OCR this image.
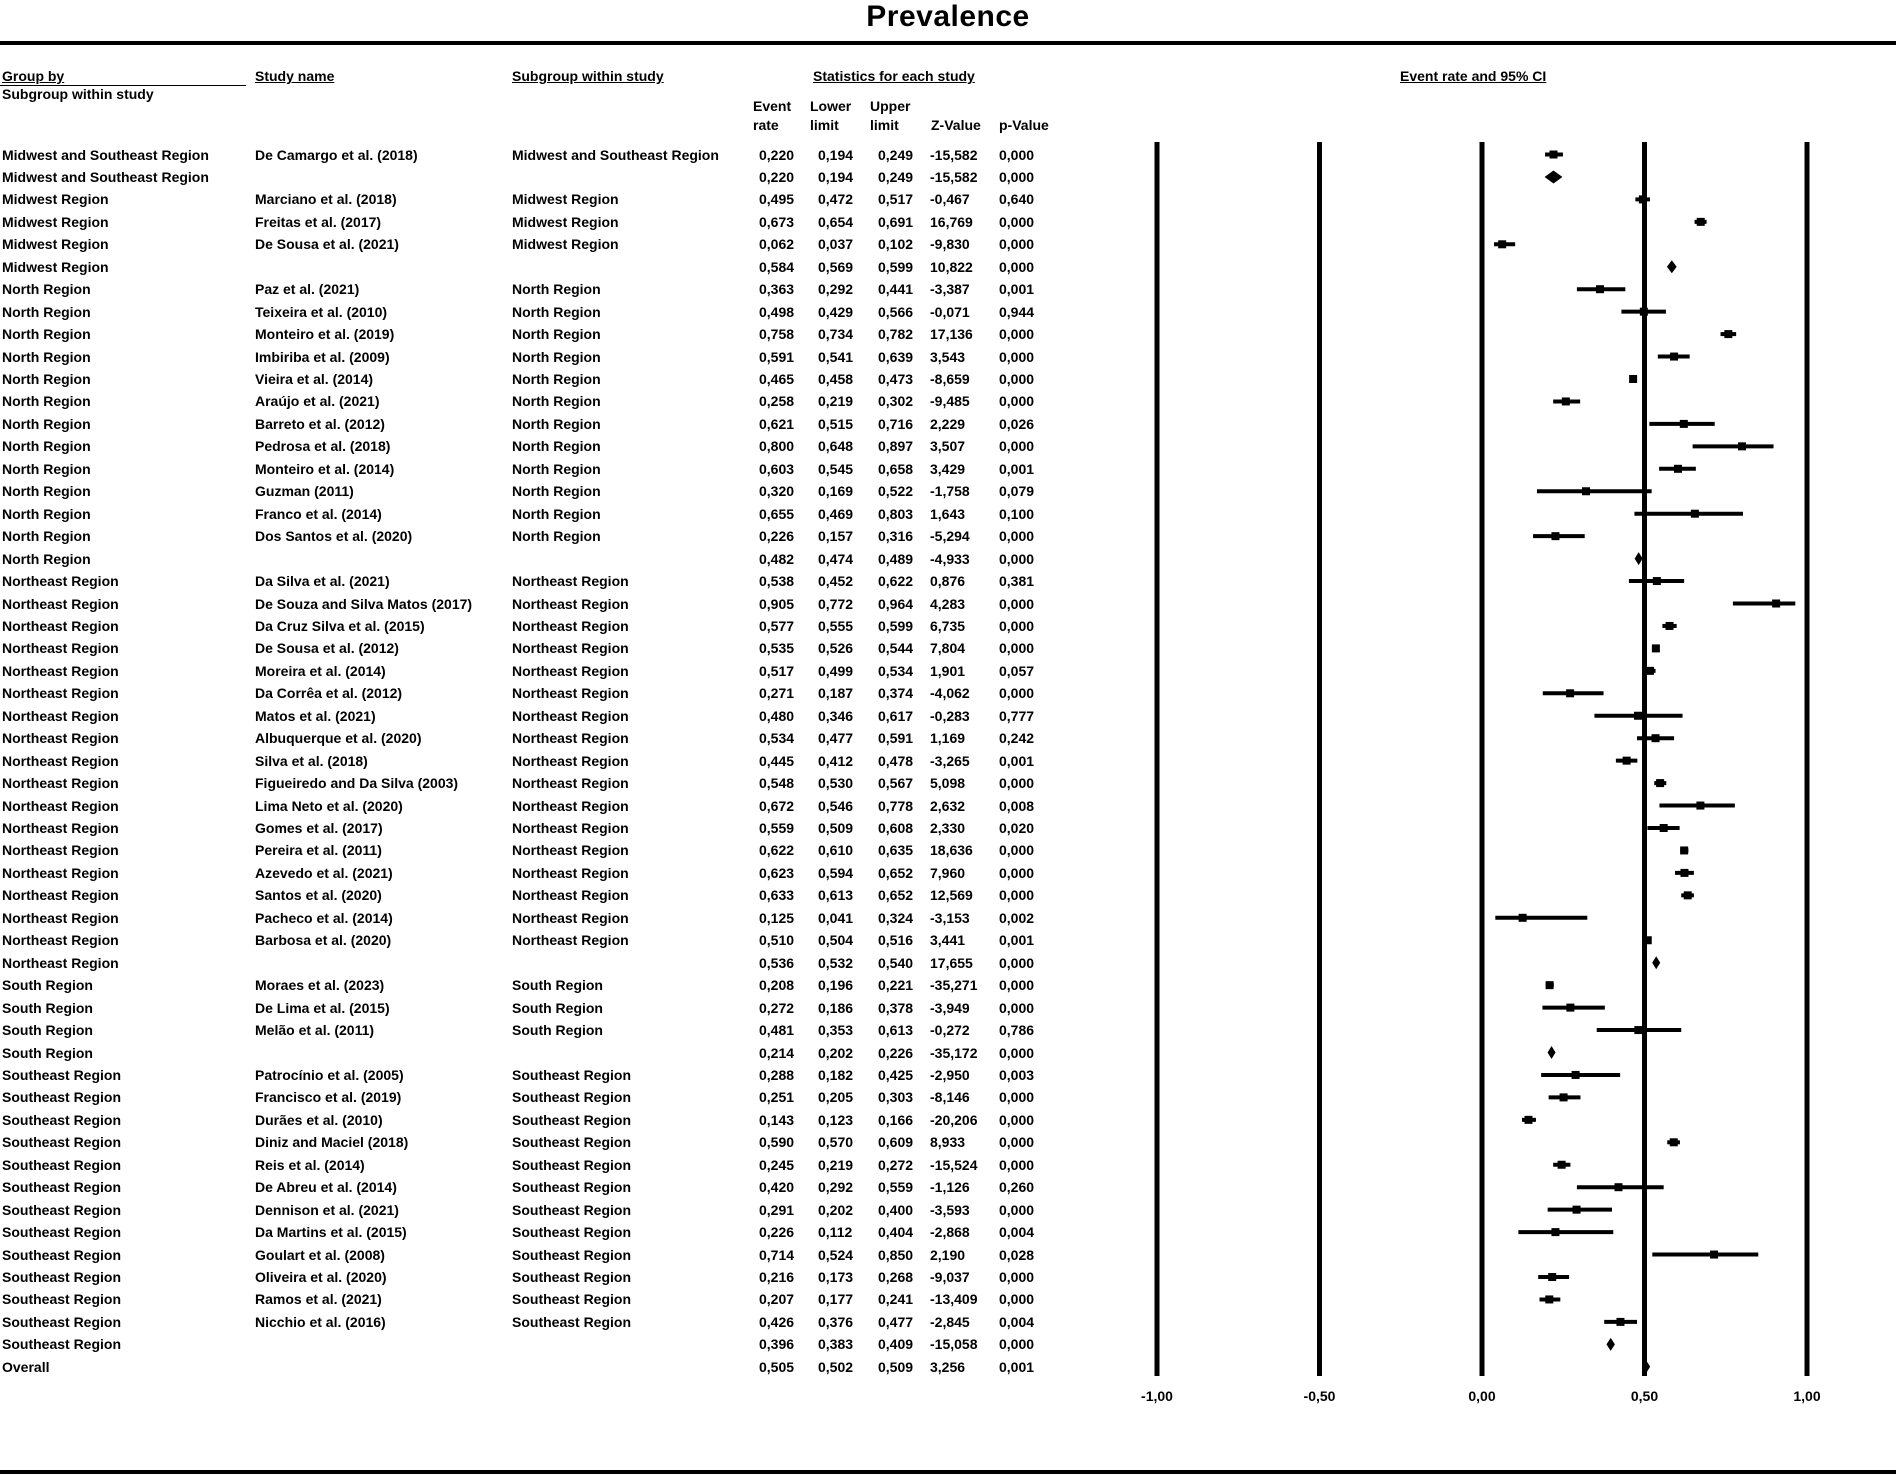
Prevalence
Group by
Subgroup within study
Study name	Subgroup within study	Statistics for each study	Event rate and 95% CI
Event rate
Lower limit
Upper limit	Z-Value p-Value
Midwest and Southeast Region	De Camargo et al. (2018)	Midwest and Southeast Region	0,220 0,194 0,249 -15,582 0,000
Midwest and Southeast Region	0,220 0,194 0,249 -15,582 0,000
Midwest Region	Marciano et al. (2018)	Midwest Region	0,495 0,472 0,517 -0,467 0,640
Midwest Region	Freitas et al. (2017)	Midwest Region	0,673 0,654 0,691 16,769 0,000
Midwest Region	De Sousa et al. (2021)	Midwest Region	0,062 0,037 0,102 -9,830 0,000
Midwest Region	0,584 0,569 0,599 10,822 0,000
North Region	Paz et al. (2021)	North Region	0,363 0,292 0,441 -3,387 0,001
North Region	Teixeira et al. (2010)	North Region	0,498 0,429 0,566 -0,071 0,944
North Region	Monteiro et al. (2019)	North Region	0,758 0,734 0,782 17,136 0,000
North Region	Imbiriba et al. (2009)	North Region	0,591 0,541 0,639 3,543 0,000
North Region	Vieira et al. (2014)	North Region	0,465 0,458 0,473 -8,659 0,000
North Region	Araújo et al. (2021)	North Region	0,258 0,219 0,302 -9,485 0,000
North Region	Barreto et al. (2012)	North Region	0,621 0,515 0,716 2,229 0,026
North Region	Pedrosa et al. (2018)	North Region	0,800 0,648 0,897 3,507 0,000
North Region	Monteiro et al. (2014)	North Region	0,603 0,545 0,658 3,429 0,001
North Region	Guzman (2011)	North Region	0,320 0,169 0,522 -1,758 0,079
North Region	Franco et al. (2014)	North Region	0,655 0,469 0,803 1,643 0,100
North Region	Dos Santos et al. (2020)	North Region	0,226 0,157 0,316 -5,294 0,000
North Region	0,482 0,474 0,489 -4,933 0,000
Northeast Region	Da Silva et al. (2021)	Northeast Region	0,538 0,452 0,622 0,876 0,381
Northeast Region	De Souza and Silva Matos (2017)	Northeast Region	0,905 0,772 0,964 4,283 0,000
Northeast Region	Da Cruz Silva et al. (2015)	Northeast Region	0,577 0,555 0,599 6,735 0,000
Northeast Region	De Sousa et al. (2012)	Northeast Region	0,535 0,526 0,544 7,804 0,000
Northeast Region	Moreira et al. (2014)	Northeast Region	0,517 0,499 0,534 1,901 0,057
Northeast Region	Da Corrêa et al. (2012)	Northeast Region	0,271 0,187 0,374 -4,062 0,000
Northeast Region	Matos et al. (2021)	Northeast Region	0,480 0,346 0,617 -0,283 0,777
Northeast Region	Albuquerque et al. (2020)	Northeast Region	0,534 0,477 0,591 1,169 0,242
Northeast Region	Silva et al. (2018)	Northeast Region	0,445 0,412 0,478 -3,265 0,001
Northeast Region	Figueiredo and Da Silva (2003)	Northeast Region	0,548 0,530 0,567 5,098 0,000
Northeast Region	Lima Neto et al. (2020)	Northeast Region	0,672 0,546 0,778 2,632 0,008
Northeast Region	Gomes et al. (2017)	Northeast Region	0,559 0,509 0,608 2,330 0,020
Northeast Region	Pereira et al. (2011)	Northeast Region	0,622 0,610 0,635 18,636 0,000
Northeast Region	Azevedo et al. (2021)	Northeast Region	0,623 0,594 0,652 7,960 0,000
Northeast Region	Santos et al. (2020)	Northeast Region	0,633 0,613 0,652 12,569 0,000
Northeast Region	Pacheco et al. (2014)	Northeast Region	0,125 0,041 0,324 -3,153 0,002
Northeast Region	Barbosa et al. (2020)	Northeast Region	0,510 0,504 0,516 3,441 0,001
Northeast Region	0,536 0,532 0,540 17,655 0,000
South Region	Moraes et al. (2023)	South Region	0,208 0,196 0,221 -35,271 0,000
South Region	De Lima et al. (2015)	South Region	0,272 0,186 0,378 -3,949 0,000
South Region	Melão et al. (2011)	South Region	0,481 0,353 0,613 -0,272 0,786
South Region	0,214 0,202 0,226 -35,172 0,000
Southeast Region	Patrocínio et al. (2005)	Southeast Region	0,288 0,182 0,425 -2,950 0,003
Southeast Region	Francisco et al. (2019)	Southeast Region	0,251 0,205 0,303 -8,146 0,000
Southeast Region	Durães et al. (2010)	Southeast Region	0,143 0,123 0,166 -20,206 0,000
Southeast Region	Diniz and Maciel (2018)	Southeast Region	0,590 0,570 0,609 8,933 0,000
Southeast Region	Reis et al. (2014)	Southeast Region	0,245 0,219 0,272 -15,524 0,000
Southeast Region	De Abreu et al. (2014)	Southeast Region	0,420 0,292 0,559 -1,126 0,260
Southeast Region	Dennison et al. (2021)	Southeast Region	0,291 0,202 0,400 -3,593 0,000
Southeast Region	Da Martins et al. (2015)	Southeast Region	0,226 0,112 0,404 -2,868 0,004
Southeast Region	Goulart et al. (2008)	Southeast Region	0,714 0,524 0,850 2,190 0,028
Southeast Region	Oliveira et al. (2020)	Southeast Region	0,216 0,173 0,268 -9,037 0,000
Southeast Region	Ramos et al. (2021)	Southeast Region	0,207 0,177 0,241 -13,409 0,000
Southeast Region	Nicchio et al. (2016)	Southeast Region	0,426 0,376 0,477 -2,845 0,004
Southeast Region	0,396 0,383 0,409 -15,058 0,000
Overall	0,505 0,502 0,509 3,256 0,001
-1,00	-0,50	0,00	0,50	1,00
